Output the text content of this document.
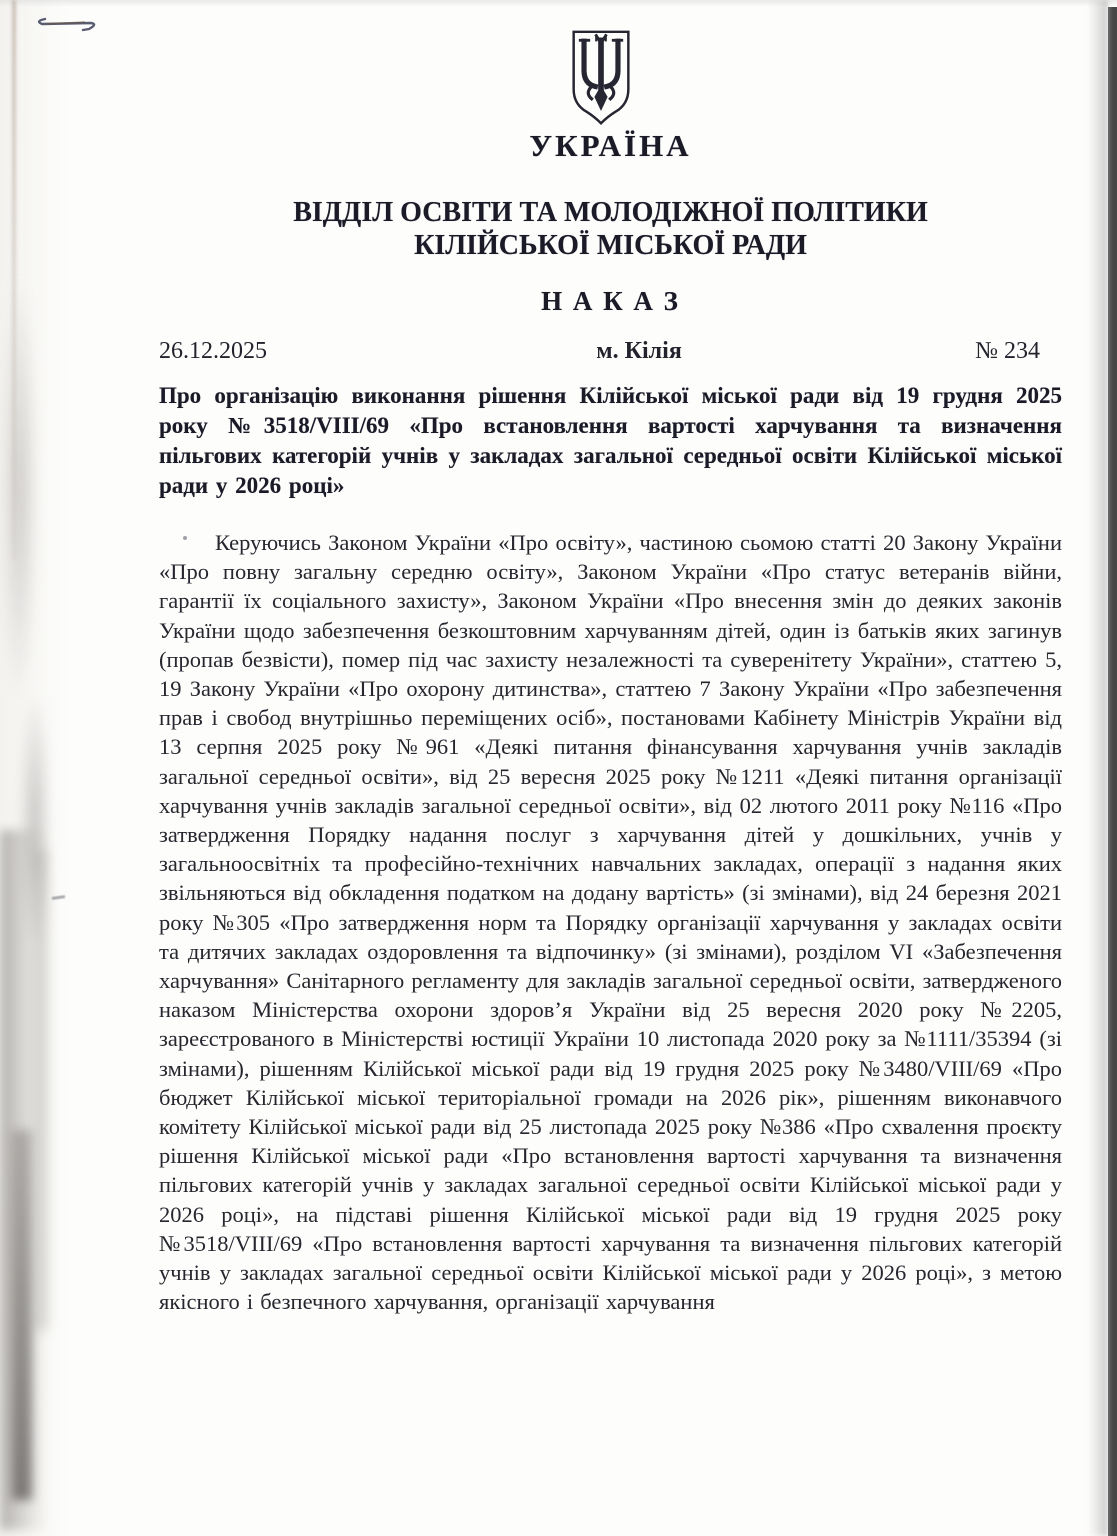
УКРАЇНА
ВІДДІЛ ОСВІТИ ТА МОЛОДІЖНОЇ ПОЛІТИКИ
КІЛІЙСЬКОЇ МІСЬКОЇ РАДИ
Н А К А З
26.12.2025	м. Кілія	№ 234
Про організацію виконання рішення Кілійської міської ради від 19 грудня 2025 року №3518/VIII/69 «Про встановлення вартості харчування та визначення пільгових категорій учнів у закладах загальної середньої освіти Кілійської міської ради у 2026 році»
Керуючись Законом України «Про освіту», частиною сьомою статті 20 Закону України «Про повну загальну середню освіту», Законом України «Про статус ветеранів війни, гарантії їх соціального захисту», Законом України «Про внесення змін до деяких законів України щодо забезпечення безкоштовним харчуванням дітей, один із батьків яких загинув (пропав безвісти), помер під час захисту незалежності та суверенітету України», статтею 5, 19 Закону України «Про охорону дитинства», статтею 7 Закону України «Про забезпечення прав і свобод внутрішньо переміщених осіб», постановами Кабінету Міністрів України від 13 серпня 2025 року №961 «Деякі питання фінансування харчування учнів закладів загальної середньої освіти», від 25 вересня 2025 року №1211 «Деякі питання організації харчування учнів закладів загальної середньої освіти», від 02 лютого 2011 року №116 «Про затвердження Порядку надання послуг з харчування дітей у дошкільних, учнів у загальноосвітніх та професійно-технічних навчальних закладах, операції з надання яких звільняються від обкладення податком на додану вартість» (зі змінами), від 24 березня 2021 року №305 «Про затвердження норм та Порядку організації харчування у закладах освіти та дитячих закладах оздоровлення та відпочинку» (зі змінами), розділом VI «Забезпечення харчування» Санітарного регламенту для закладів загальної середньої освіти, затвердженого наказом Міністерства охорони здоров’я України від 25 вересня 2020 року №2205, зареєстрованого в Міністерстві юстиції України 10 листопада 2020 року за №1111/35394 (зі змінами), рішенням Кілійської міської ради від 19 грудня 2025 року №3480/VIII/69 «Про бюджет Кілійської міської територіальної громади на 2026 рік», рішенням виконавчого комітету Кілійської міської ради від 25 листопада 2025 року №386 «Про схвалення проєкту рішення Кілійської міської ради «Про встановлення вартості харчування та визначення пільгових категорій учнів у закладах загальної середньої освіти Кілійської міської ради у 2026 році», на підставі рішення Кілійської міської ради від 19 грудня 2025 року №3518/VIII/69 «Про встановлення вартості харчування та визначення пільгових категорій учнів у закладах загальної середньої освіти Кілійської міської ради у 2026 році», з метою якісного і безпечного харчування, організації харчування
